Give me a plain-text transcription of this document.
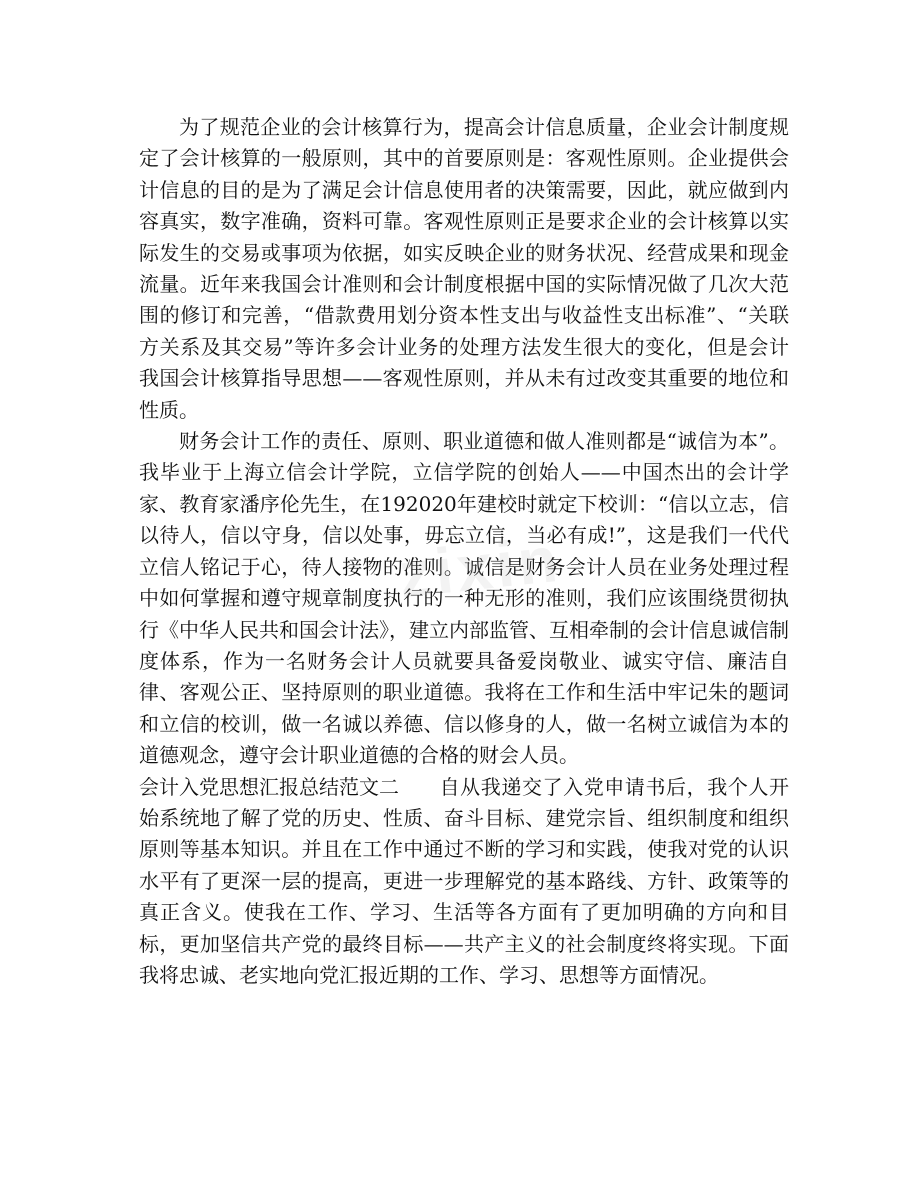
为了规范企业的会计核算行为，提高会计信息质量，企业会计制度规定了会计核算的一般原则，其中的首要原则是：客观性原则。企业提供会计信息的目的是为了满足会计信息使用者的决策需要，因此，就应做到内容真实，数字准确，资料可靠。客观性原则正是要求企业的会计核算以实际发生的交易或事项为依据，如实反映企业的财务状况、经营成果和现金流量。近年来我国会计准则和会计制度根据中国的实际情况做了几次大范围的修订和完善，“借款费用划分资本性支出与收益性支出标准”、“关联方关系及其交易”等许多会计业务的处理方法发生很大的变化，但是会计我国会计核算指导思想——客观性原则，并从未有过改变其重要的地位和性质。

财务会计工作的责任、原则、职业道德和做人准则都是“诚信为本”。我毕业于上海立信会计学院，立信学院的创始人——中国杰出的会计学家、教育家潘序伦先生，在192020年建校时就定下校训：“信以立志，信以待人，信以守身，信以处事，毋忘立信，当必有成!”，这是我们一代代立信人铭记于心，待人接物的准则。诚信是财务会计人员在业务处理过程中如何掌握和遵守规章制度执行的一种无形的准则，我们应该围绕贯彻执行《中华人民共和国会计法》，建立内部监管、互相牵制的会计信息诚信制度体系，作为一名财务会计人员就要具备爱岗敬业、诚实守信、廉洁自律、客观公正、坚持原则的职业道德。我将在工作和生活中牢记朱的题词和立信的校训，做一名诚以养德、信以修身的人，做一名树立诚信为本的道德观念，遵守会计职业道德的合格的财会人员。

会计入党思想汇报总结范文二 自从我递交了入党申请书后，我个人开始系统地了解了党的历史、性质、奋斗目标、建党宗旨、组织制度和组织原则等基本知识。并且在工作中通过不断的学习和实践，使我对党的认识水平有了更深一层的提高，更进一步理解党的基本路线、方针、政策等的真正含义。使我在工作、学习、生活等各方面有了更加明确的方向和目标，更加坚信共产党的最终目标——共产主义的社会制度终将实现。下面我将忠诚、老实地向党汇报近期的工作、学习、思想等方面情况。

zixin
